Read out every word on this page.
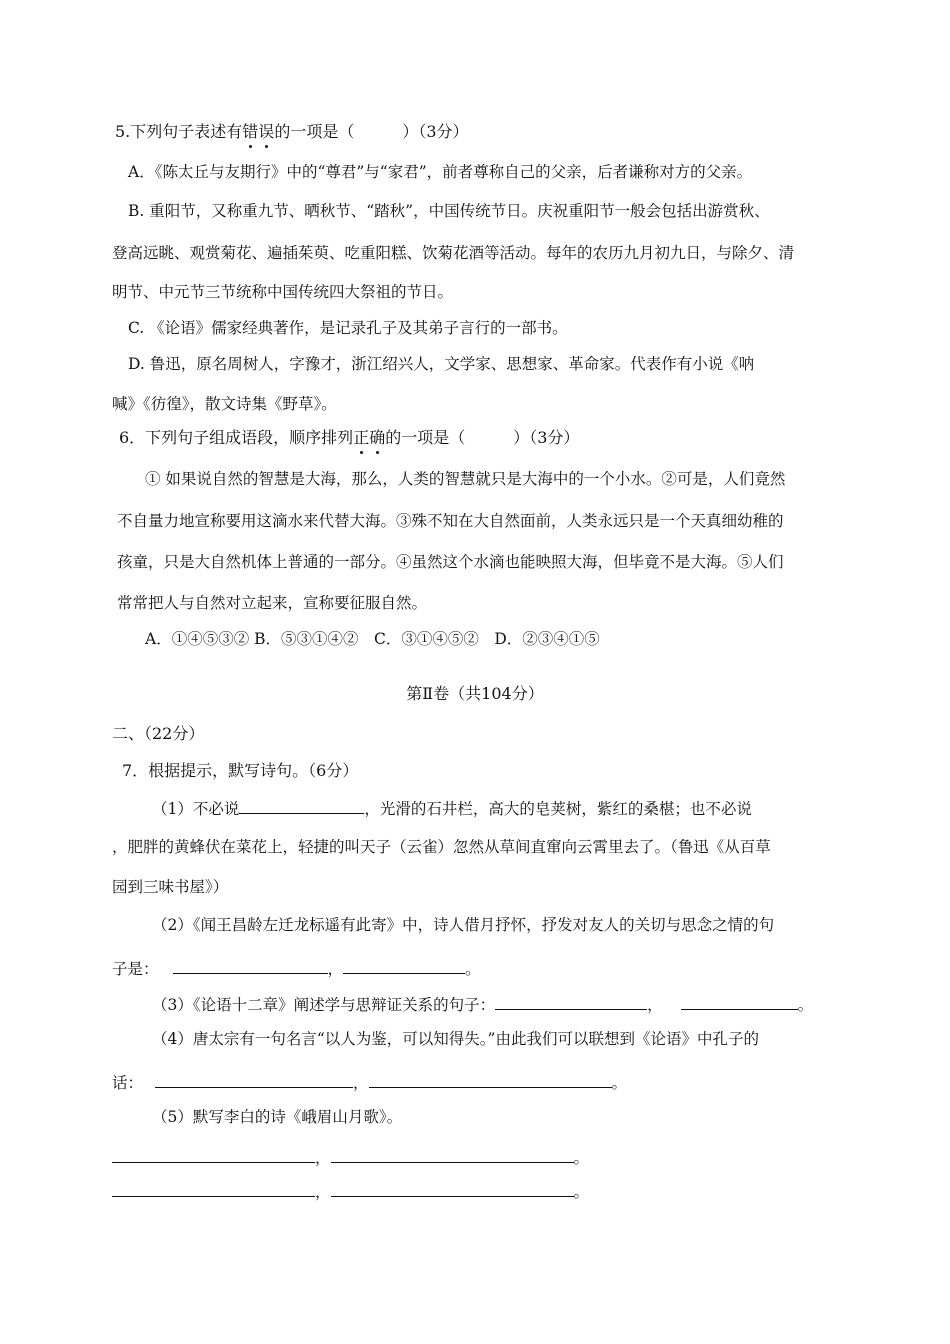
5.下列句子表述有错误的一项是（　　　）（3分）
A．《陈太丘与友期行》中的“尊君”与“家君”，前者尊称自己的父亲，后者谦称对方的父亲。
B. 重阳节，又称重九节、晒秋节、“踏秋”，中国传统节日。庆祝重阳节一般会包括出游赏秋、
登高远眺、观赏菊花、遍插茱萸、吃重阳糕、饮菊花酒等活动。每年的农历九月初九日，与除夕、清
明节、中元节三节统称中国传统四大祭祖的节日。
C. 《论语》儒家经典著作，是记录孔子及其弟子言行的一部书。
D. 鲁迅，原名周树人，字豫才，浙江绍兴人，文学家、思想家、革命家。代表作有小说《呐
喊》《彷徨》，散文诗集《野草》。
6．下列句子组成语段，顺序排列正确的一项是（　　　）（3分）
① 如果说自然的智慧是大海，那么，人类的智慧就只是大海中的一个小水。②可是，人们竟然
不自量力地宣称要用这滴水来代替大海。③殊不知在大自然面前，人类永远只是一个天真细幼稚的
孩童，只是大自然机体上普通的一部分。④虽然这个水滴也能映照大海，但毕竟不是大海。⑤人们
常常把人与自然对立起来，宣称要征服自然。
A．①④⑤③② B．⑤③①④②　C．③①④⑤②　D．②③④①⑤
第Ⅱ卷（共104分）
二、（22分）
7．根据提示，默写诗句。（6分）
（1）不必说	，光滑的石井栏，高大的皂荚树，紫红的桑椹；也不必说
，肥胖的黄蜂伏在菜花上，轻捷的叫天子（云雀）忽然从草间直窜向云霄里去了。（鲁迅《从百草
园到三味书屋》）
（2）《闻王昌龄左迁龙标遥有此寄》中，诗人借月抒怀，抒发对友人的关切与思念之情的句
子是：	，	。
（3）《论语十二章》阐述学与思辩证关系的句子：	，	。
（4）唐太宗有一句名言“以人为鉴，可以知得失。”由此我们可以联想到《论语》中孔子的
话：	，	。
（5）默写李白的诗《峨眉山月歌》。
，	。
，	。
